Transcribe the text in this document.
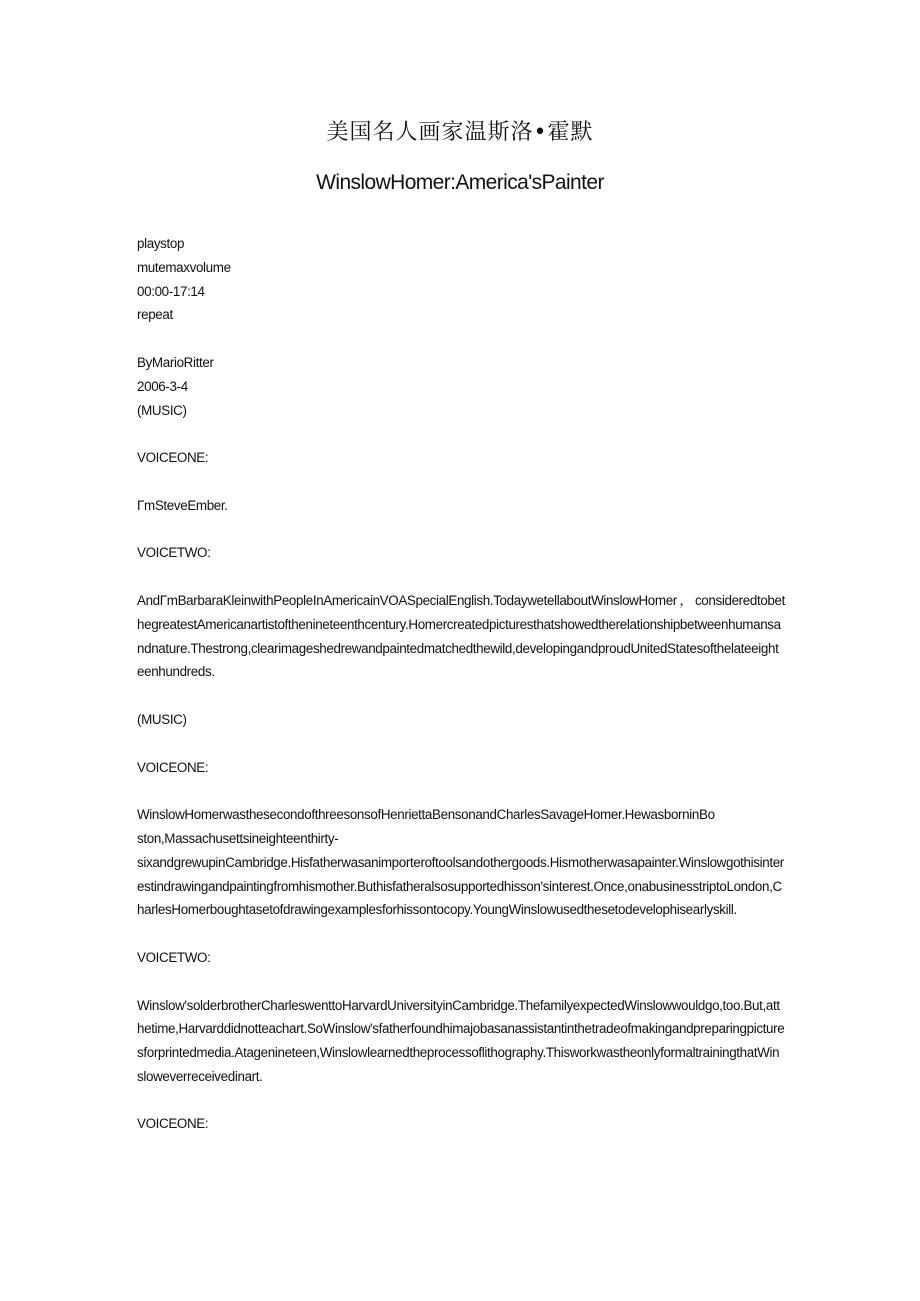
美国名人画家温斯洛•霍默
WinslowHomer:America'sPainter
playstop
mutemaxvolume
00:00-17:14
repeat
ByMarioRitter
2006-3-4
(MUSIC)
VOICEONE:
ΓmSteveEmber.
VOICETWO:
AndΓmBarbaraKleinwithPeopleInAmericainVOASpecialEnglish.TodaywetellaboutWinslowHomer，consideredtobethegreatestAmericanartistofthenineteenthcentury.Homercreatedpicturesthatshowedtherelationshipbetweenhumansandnature.Thestrong,clearimageshedrewandpaintedmatchedthewild,developingandproudUnitedStatesofthelateeighteenhundreds.
(MUSIC)
VOICEONE:
WinslowHomerwasthesecondofthreesonsofHenriettaBensonandCharlesSavageHomer.HewasborninBo
ston,Massachusettsineighteenthirty-
sixandgrewupinCambridge.Hisfatherwasanimporteroftoolsandothergoods.Hismotherwasapainter.Winslowgothisinterestindrawingandpaintingfromhismother.Buthisfatheralsosupportedhisson'sinterest.Once,onabusinesstriptoLondon,CharlesHomerboughtasetofdrawingexamplesforhissontocopy.YoungWinslowusedthesetodevelophisearlyskill.
VOICETWO:
Winslow'solderbrotherCharleswenttoHarvardUniversityinCambridge.ThefamilyexpectedWinslowwouldgo,too.But,atthetime,Harvarddidnotteachart.SoWinslow'sfatherfoundhimajobasanassistantinthetradeofmakingandpreparingpicturesforprintedmedia.Atagenineteen,Winslowlearnedtheprocessoflithography.ThisworkwastheonlyformaltrainingthatWinsloweverreceivedinart.
VOICEONE:
